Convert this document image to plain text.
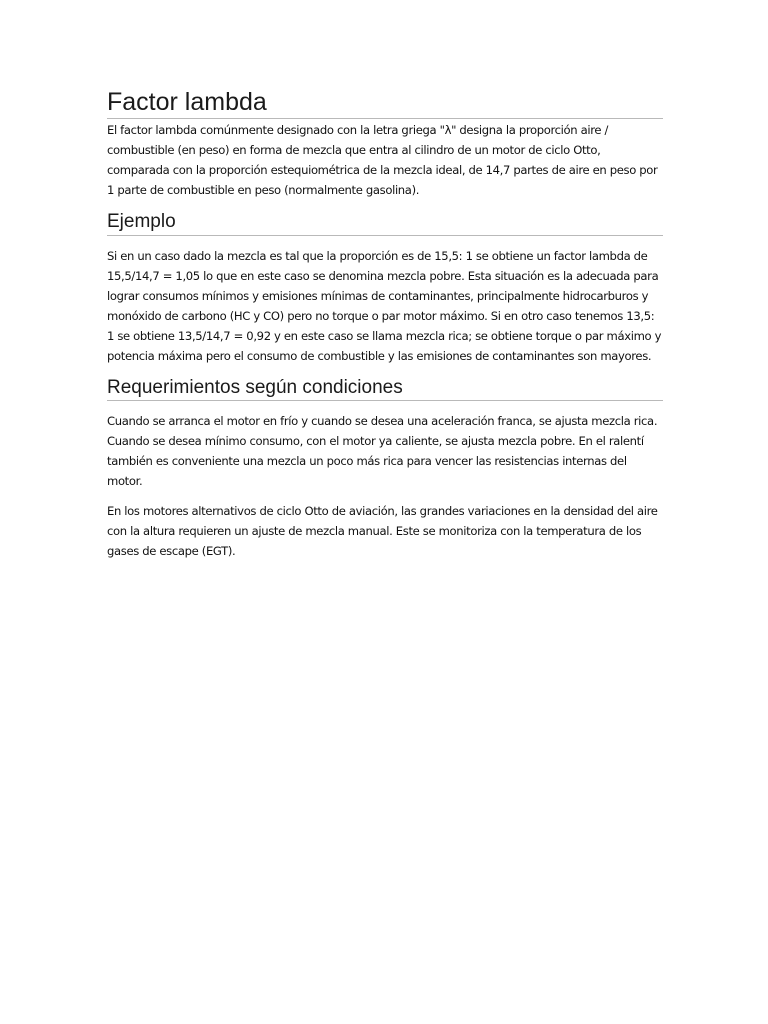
Factor lambda

El factor lambda comúnmente designado con la letra griega "λ" designa la proporción aire / combustible (en peso) en forma de mezcla que entra al cilindro de un motor de ciclo Otto, comparada con la proporción estequiométrica de la mezcla ideal, de 14,7 partes de aire en peso por 1 parte de combustible en peso (normalmente gasolina).

Ejemplo

Si en un caso dado la mezcla es tal que la proporción es de 15,5: 1 se obtiene un factor lambda de 15,5/14,7 = 1,05 lo que en este caso se denomina mezcla pobre. Esta situación es la adecuada para lograr consumos mínimos y emisiones mínimas de contaminantes, principalmente hidrocarburos y monóxido de carbono (HC y CO) pero no torque o par motor máximo. Si en otro caso tenemos 13,5: 1 se obtiene 13,5/14,7 = 0,92 y en este caso se llama mezcla rica; se obtiene torque o par máximo y potencia máxima pero el consumo de combustible y las emisiones de contaminantes son mayores.

Requerimientos según condiciones

Cuando se arranca el motor en frío y cuando se desea una aceleración franca, se ajusta mezcla rica. Cuando se desea mínimo consumo, con el motor ya caliente, se ajusta mezcla pobre. En el ralentí también es conveniente una mezcla un poco más rica para vencer las resistencias internas del motor.

En los motores alternativos de ciclo Otto de aviación, las grandes variaciones en la densidad del aire con la altura requieren un ajuste de mezcla manual. Este se monitoriza con la temperatura de los gases de escape (EGT).
